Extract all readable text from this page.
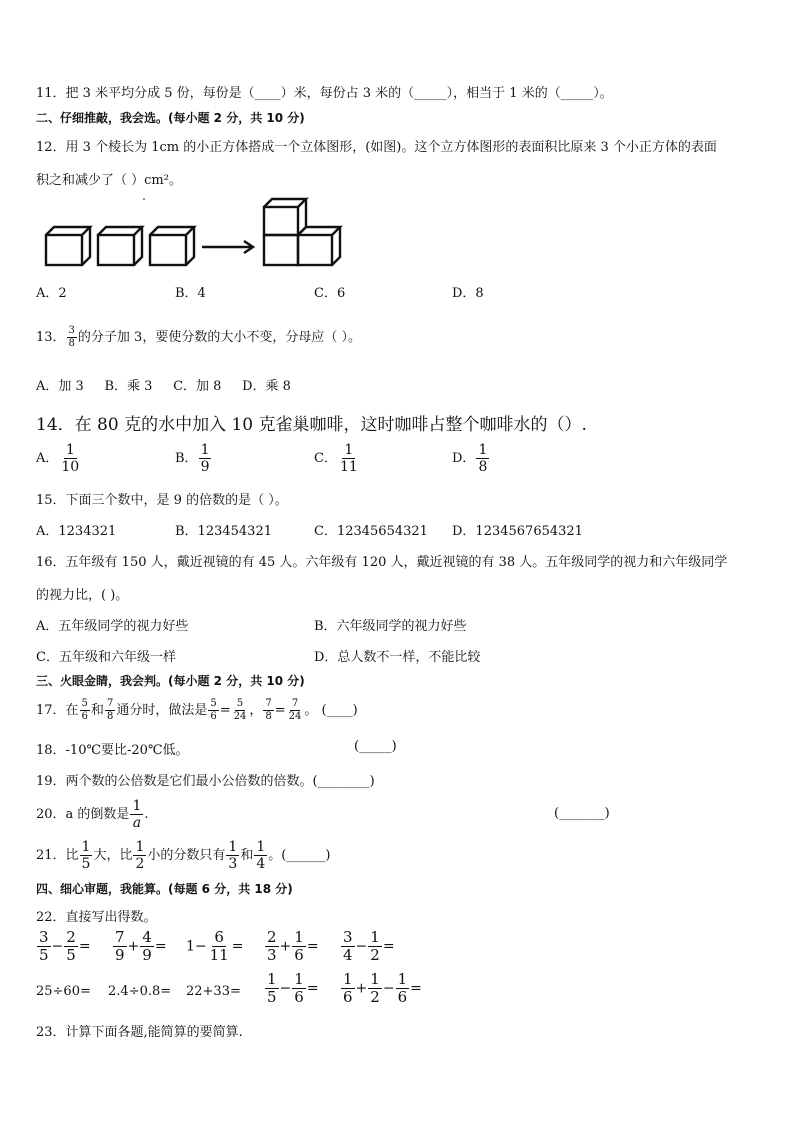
11．把 3 米平均分成 5 份，每份是（____）米，每份占 3 米的（_____），相当于 1 米的（_____）。
二、仔细推敲，我会选。(每小题 2 分，共 10 分)
12．用 3 个棱长为 1cm 的小正方体搭成一个立体图形，(如图)。这个立方体图形的表面积比原来 3 个小正方体的表面
积之和减少了（ ）cm²。
A．2	B．4	C．6	D．8
13． $\frac{3}{8}$ 的分子加 3，要使分数的大小不变，分母应（ ）。
A．加 3     B．乘 3     C．加 8     D．乘 8
14．在 80 克的水中加入 10 克雀巢咖啡，这时咖啡占整个咖啡水的（）.
A． $\frac{1}{10}$	B． $\frac{1}{9}$	C． $\frac{1}{11}$	D． $\frac{1}{8}$
15．下面三个数中，是 9 的倍数的是（ ）。
A．1234321	B．123454321	C．12345654321 D．1234567654321
16．五年级有 150 人，戴近视镜的有 45 人。六年级有 120 人，戴近视镜的有 38 人。五年级同学的视力和六年级同学
的视力比，( )。
A．五年级同学的视力好些	B．六年级同学的视力好些
C．五年级和六年级一样	D．总人数不一样，不能比较
三、火眼金睛，我会判。(每小题 2 分，共 10 分)
17．在 $\frac{5}{6}$ 和 $\frac{7}{8}$ 通分时，做法是 $\frac{5}{6} = \frac{5}{24}$ ， $\frac{7}{8} = \frac{7}{24}$ 。 (____)
18．-10℃要比-20℃低。	(_____)
19．两个数的公倍数是它们最小公倍数的倍数。(________)
20．a 的倒数是 $\frac{1}{a}$ .	(_______)
21．比 $\frac{1}{5}$ 大，比 $\frac{1}{2}$ 小的分数只有 $\frac{1}{3}$ 和 $\frac{1}{4}$ 。(______)
四、细心审题，我能算。(每题 6 分，共 18 分)
22．直接写出得数。
$\frac{3}{5} - \frac{2}{5} = \frac{7}{9} + \frac{4}{9} = 1- \frac{6}{11} = \frac{2}{3} + \frac{1}{6} = \frac{3}{4} - \frac{1}{2}$ =
$25\div 60= 2.4\div 0.8= 22+33= \frac{1}{5} - \frac{1}{6} = \frac{1}{6} + \frac{1}{2} - \frac{1}{6}$ =
23．计算下面各题,能简算的要简算.
